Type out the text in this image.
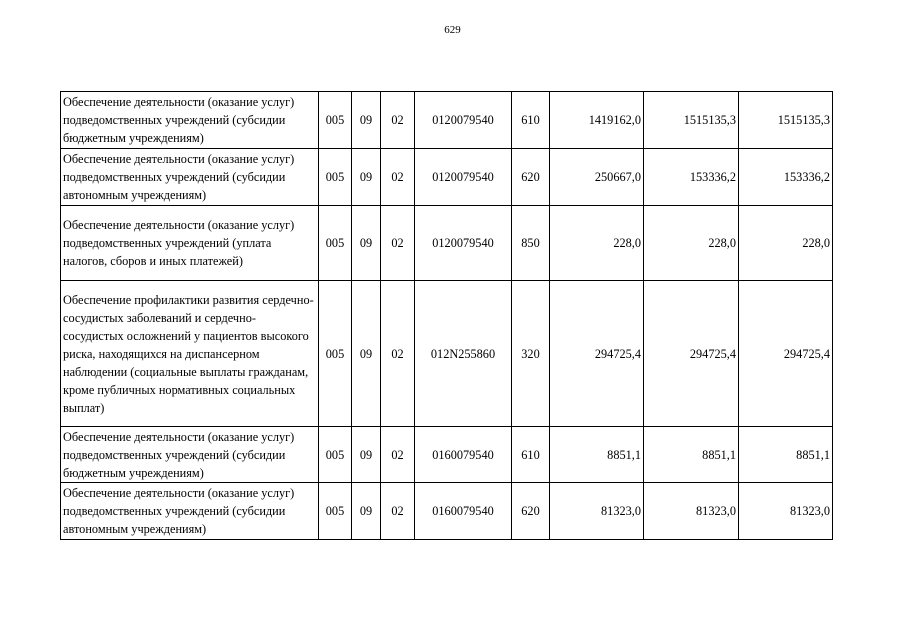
629
Обеспечение деятельности (оказание услуг) подведомственных учреждений (субсидии бюджетным учреждениям)	005	09	02	0120079540	610	1419162,0	1515135,3	1515135,3
Обеспечение деятельности (оказание услуг) подведомственных учреждений (субсидии автономным учреждениям)	005	09	02	0120079540	620	250667,0	153336,2	153336,2
Обеспечение деятельности (оказание услуг) подведомственных учреждений (уплата налогов, сборов и иных платежей)	005	09	02	0120079540	850	228,0	228,0	228,0
Обеспечение профилактики развития сердечно-сосудистых заболеваний и сердечно-сосудистых осложнений у пациентов высокого риска, находящихся на диспансерном наблюдении (социальные выплаты гражданам, кроме публичных нормативных социальных выплат)	005	09	02	012N255860	320	294725,4	294725,4	294725,4
Обеспечение деятельности (оказание услуг) подведомственных учреждений (субсидии бюджетным учреждениям)	005	09	02	0160079540	610	8851,1	8851,1	8851,1
Обеспечение деятельности (оказание услуг) подведомственных учреждений (субсидии автономным учреждениям)	005	09	02	0160079540	620	81323,0	81323,0	81323,0
